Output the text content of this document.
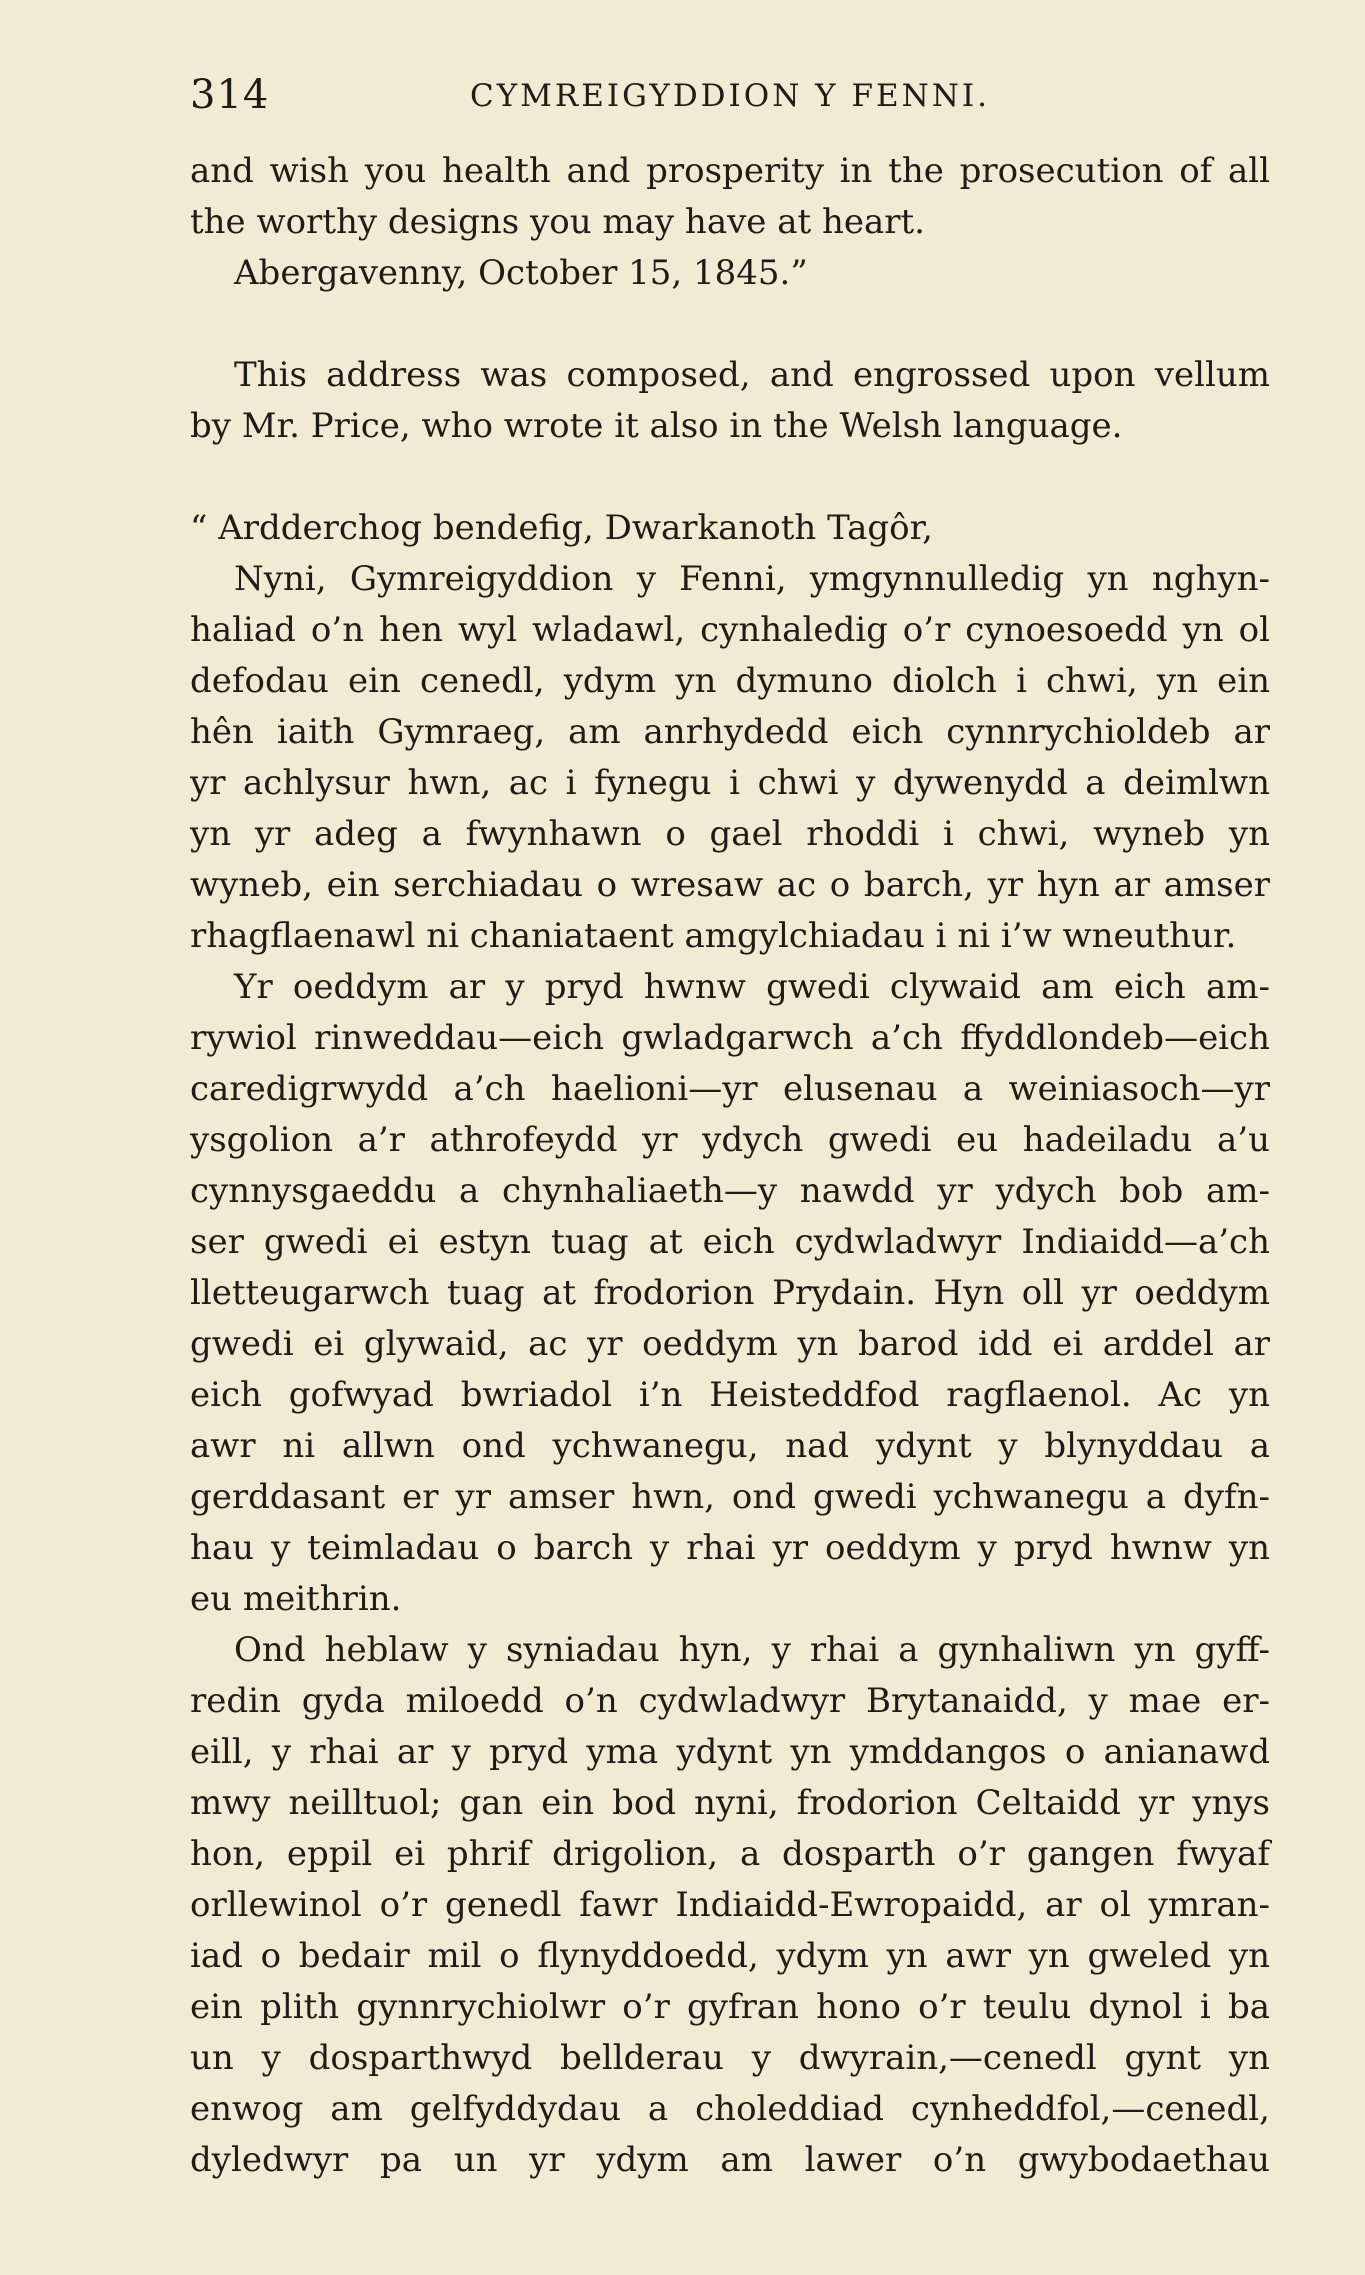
314	CYMREIGYDDION Y FENNI.
and wish you health and prosperity in the prosecution of all
the worthy designs you may have at heart.
Abergavenny, October 15, 1845.”
This address was composed, and engrossed upon vellum
by Mr. Price, who wrote it also in the Welsh language.
“ Ardderchog bendefig, Dwarkanoth Tagôr,
Nyni, Gymreigyddion y Fenni, ymgynnulledig yn nghyn-
haliad o’n hen wyl wladawl, cynhaledig o’r cynoesoedd yn ol
defodau ein cenedl, ydym yn dymuno diolch i chwi, yn ein
hên iaith Gymraeg, am anrhydedd eich cynnrychioldeb ar
yr achlysur hwn, ac i fynegu i chwi y dywenydd a deimlwn
yn yr adeg a fwynhawn o gael rhoddi i chwi, wyneb yn
wyneb, ein serchiadau o wresaw ac o barch, yr hyn ar amser
rhagflaenawl ni chaniataent amgylchiadau i ni i’w wneuthur.
Yr oeddym ar y pryd hwnw gwedi clywaid am eich am-
rywiol rinweddau—eich gwladgarwch a’ch ffyddlondeb—eich
caredigrwydd a’ch haelioni—yr elusenau a weiniasoch—yr
ysgolion a’r athrofeydd yr ydych gwedi eu hadeiladu a’u
cynnysgaeddu a chynhaliaeth—y nawdd yr ydych bob am-
ser gwedi ei estyn tuag at eich cydwladwyr Indiaidd—a’ch
lletteugarwch tuag at frodorion Prydain. Hyn oll yr oeddym
gwedi ei glywaid, ac yr oeddym yn barod idd ei arddel ar
eich gofwyad bwriadol i’n Heisteddfod ragflaenol. Ac yn
awr ni allwn ond ychwanegu, nad ydynt y blynyddau a
gerddasant er yr amser hwn, ond gwedi ychwanegu a dyfn-
hau y teimladau o barch y rhai yr oeddym y pryd hwnw yn
eu meithrin.
Ond heblaw y syniadau hyn, y rhai a gynhaliwn yn gyff-
redin gyda miloedd o’n cydwladwyr Brytanaidd, y mae er-
eill, y rhai ar y pryd yma ydynt yn ymddangos o anianawd
mwy neilltuol; gan ein bod nyni, frodorion Celtaidd yr ynys
hon, eppil ei phrif drigolion, a dosparth o’r gangen fwyaf
orllewinol o’r genedl fawr Indiaidd-Ewropaidd, ar ol ymran-
iad o bedair mil o flynyddoedd, ydym yn awr yn gweled yn
ein plith gynnrychiolwr o’r gyfran hono o’r teulu dynol i ba
un y dosparthwyd bellderau y dwyrain,—cenedl gynt yn
enwog am gelfyddydau a choleddiad cynheddfol,—cenedl,
dyledwyr pa un yr ydym am lawer o’n gwybodaethau
